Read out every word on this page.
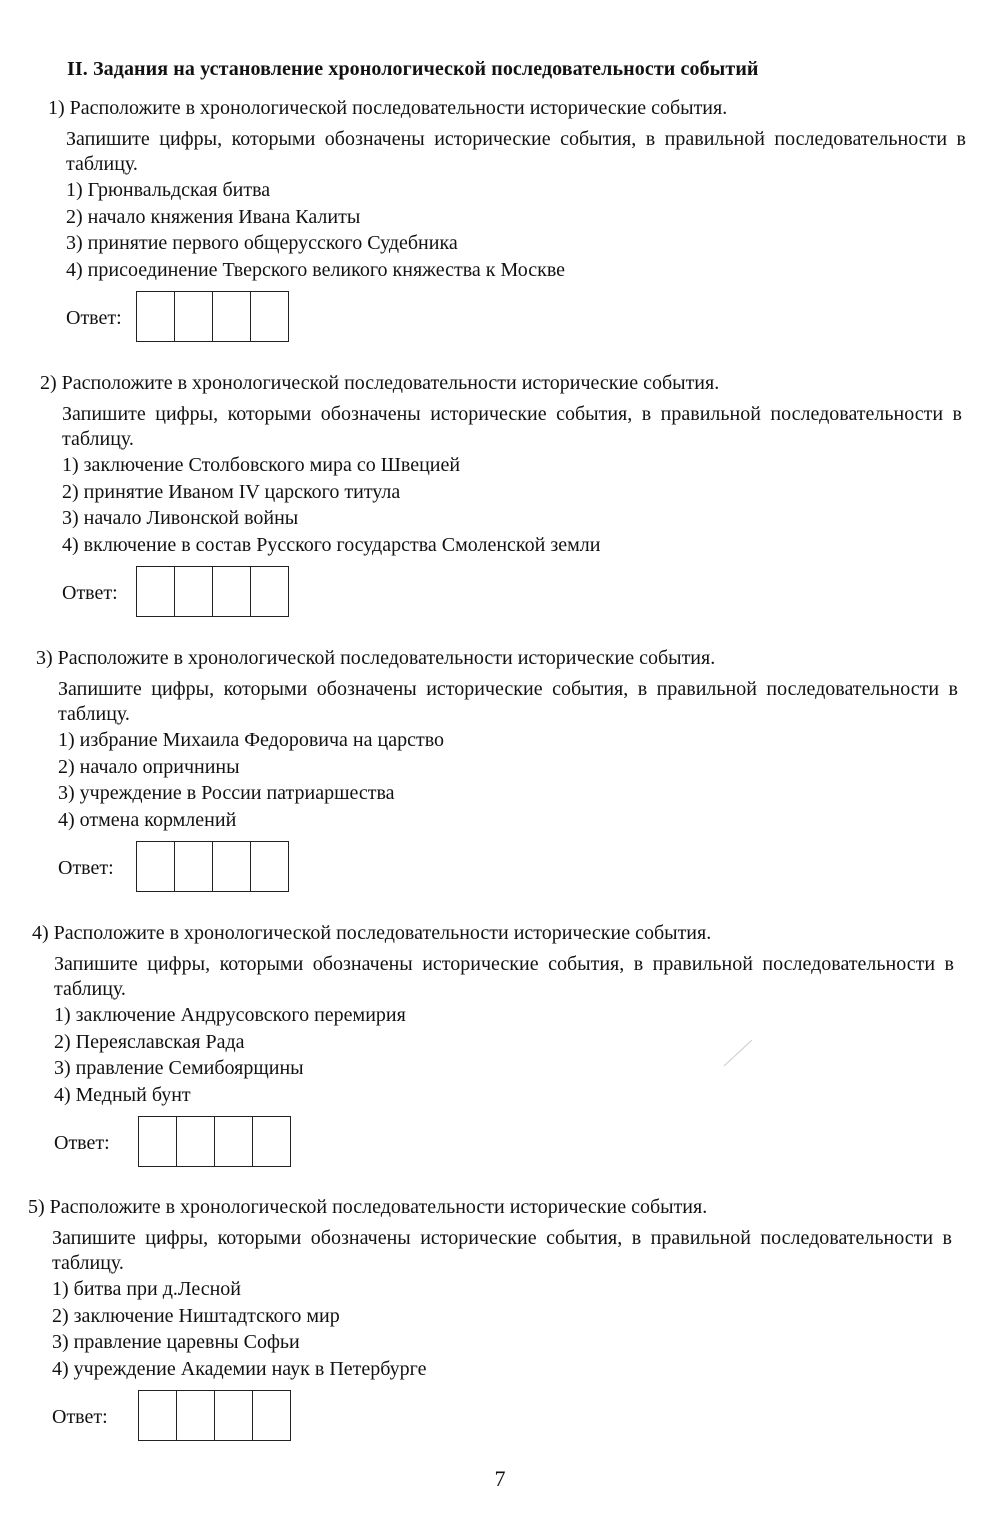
II. Задания на установление хронологической последовательности событий
1) Расположите в хронологической последовательности исторические события.
Запишите цифры, которыми обозначены исторические события, в правильной последовательности в таблицу.
1) Грюнвальдская битва
2) начало княжения Ивана Калиты
3) принятие первого общерусского Судебника
4) присоединение Тверского великого княжества к Москве
Ответ:
2) Расположите в хронологической последовательности исторические события.
Запишите цифры, которыми обозначены исторические события, в правильной последовательности в таблицу.
1) заключение Столбовского мира со Швецией
2) принятие Иваном IV царского титула
3) начало Ливонской войны
4) включение в состав Русского государства Смоленской земли
Ответ:
3) Расположите в хронологической последовательности исторические события.
Запишите цифры, которыми обозначены исторические события, в правильной последовательности в таблицу.
1) избрание Михаила Федоровича на царство
2) начало опричнины
3) учреждение в России патриаршества
4) отмена кормлений
Ответ:
4) Расположите в хронологической последовательности исторические события.
Запишите цифры, которыми обозначены исторические события, в правильной последовательности в таблицу.
1) заключение Андрусовского перемирия
2) Переяславская Рада
3) правление Семибоярщины
4) Медный бунт
Ответ:
5) Расположите в хронологической последовательности исторические события.
Запишите цифры, которыми обозначены исторические события, в правильной последовательности в таблицу.
1) битва при д.Лесной
2) заключение Ништадтского мир
3) правление царевны Софьи
4) учреждение Академии наук в Петербурге
Ответ:
7
